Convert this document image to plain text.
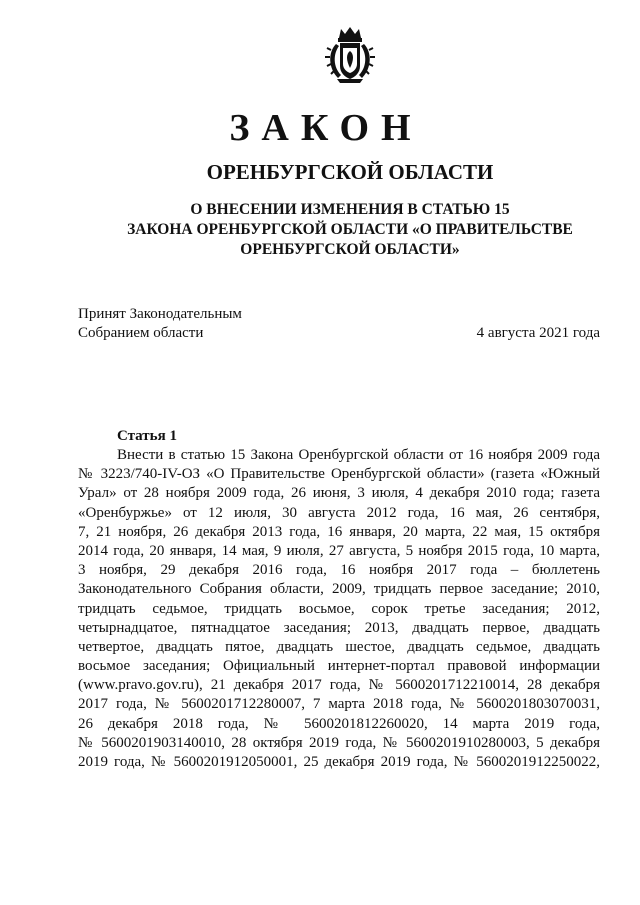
ЗАКОН
ОРЕНБУРГСКОЙ ОБЛАСТИ
О ВНЕСЕНИИ ИЗМЕНЕНИЯ В СТАТЬЮ 15
ЗАКОНА ОРЕНБУРГСКОЙ ОБЛАСТИ «О ПРАВИТЕЛЬСТВЕ
ОРЕНБУРГСКОЙ ОБЛАСТИ»
Принят Законодательным
Собранием области	4 августа 2021 года
Статья 1
Внести в статью 15 Закона Оренбургской области от 16 ноября 2009 года
№ 3223/740-IV-ОЗ «О Правительстве Оренбургской области» (газета «Южный
Урал» от 28 ноября 2009 года, 26 июня, 3 июля, 4 декабря 2010 года; газета
«Оренбуржье» от 12 июля, 30 августа 2012 года, 16 мая, 26 сентября,
7, 21 ноября, 26 декабря 2013 года, 16 января, 20 марта, 22 мая, 15 октября
2014 года, 20 января, 14 мая, 9 июля, 27 августа, 5 ноября 2015 года, 10 марта,
3 ноября, 29 декабря 2016 года, 16 ноября 2017 года – бюллетень
Законодательного Собрания области, 2009, тридцать первое заседание; 2010,
тридцать седьмое, тридцать восьмое, сорок третье заседания; 2012,
четырнадцатое, пятнадцатое заседания; 2013, двадцать первое, двадцать
четвертое, двадцать пятое, двадцать шестое, двадцать седьмое, двадцать
восьмое заседания; Официальный интернет-портал правовой информации
(www.pravo.gov.ru), 21 декабря 2017 года, № 5600201712210014, 28 декабря
2017 года, № 5600201712280007, 7 марта 2018 года, № 5600201803070031,
26 декабря 2018 года, № 5600201812260020, 14 марта 2019 года,
№ 5600201903140010, 28 октября 2019 года, № 5600201910280003, 5 декабря
2019 года, № 5600201912050001, 25 декабря 2019 года, № 5600201912250022,
